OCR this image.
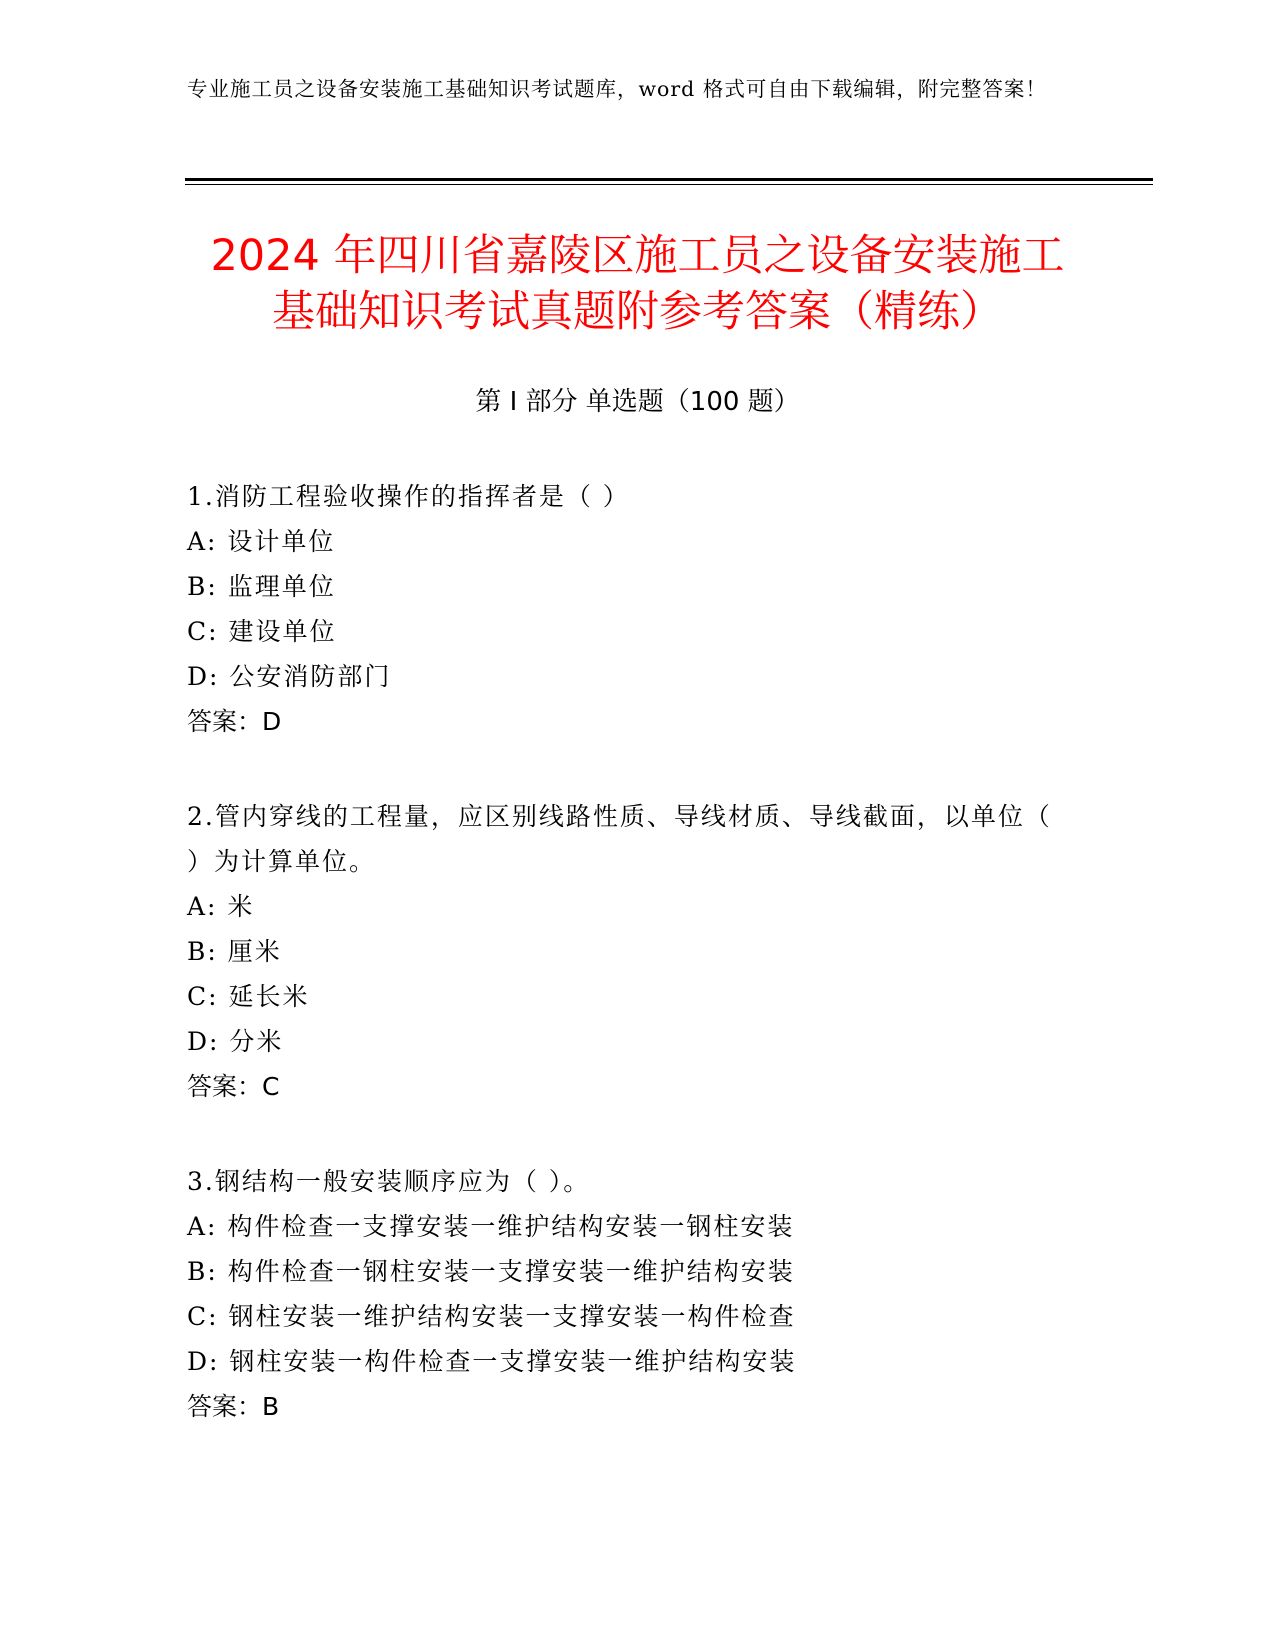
专业施工员之设备安装施工基础知识考试题库，word 格式可自由下载编辑，附完整答案！
2024 年四川省嘉陵区施工员之设备安装施工
基础知识考试真题附参考答案（精练）
第 I 部分 单选题（100 题）
1.消防工程验收操作的指挥者是（ ）
A: 设计单位
B: 监理单位
C: 建设单位
D: 公安消防部门
答案：D
2.管内穿线的工程量，应区别线路性质、导线材质、导线截面，以单位（ ）为计算单位。
A: 米
B: 厘米
C: 延长米
D: 分米
答案：C
3.钢结构一般安装顺序应为（ ）。
A: 构件检查一支撑安装一维护结构安装一钢柱安装
B: 构件检查一钢柱安装一支撑安装一维护结构安装
C: 钢柱安装一维护结构安装一支撑安装一构件检查
D: 钢柱安装一构件检查一支撑安装一维护结构安装
答案：B
